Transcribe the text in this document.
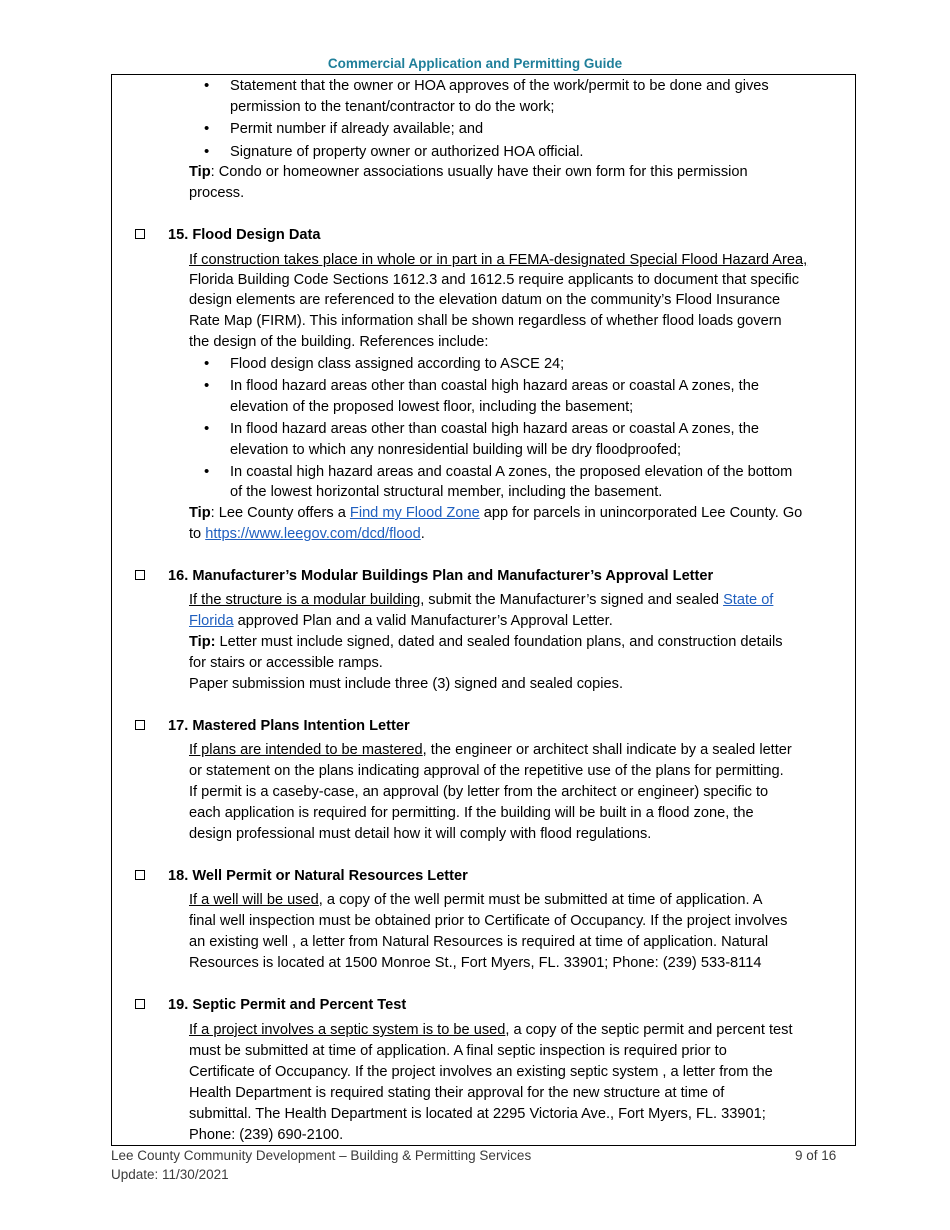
Commercial Application and Permitting Guide
• Statement that the owner or HOA approves of the work/permit to be done and gives
permission to the tenant/contractor to do the work;
• Permit number if already available; and
• Signature of property owner or authorized HOA official.
Tip: Condo or homeowner associations usually have their own form for this permission
process.
15. Flood Design Data
If construction takes place in whole or in part in a FEMA-designated Special Flood Hazard Area,
Florida Building Code Sections 1612.3 and 1612.5 require applicants to document that specific
design elements are referenced to the elevation datum on the community’s Flood Insurance
Rate Map (FIRM). This information shall be shown regardless of whether flood loads govern
the design of the building. References include:
• Flood design class assigned according to ASCE 24;
• In flood hazard areas other than coastal high hazard areas or coastal A zones, the
elevation of the proposed lowest floor, including the basement;
• In flood hazard areas other than coastal high hazard areas or coastal A zones, the
elevation to which any nonresidential building will be dry floodproofed;
• In coastal high hazard areas and coastal A zones, the proposed elevation of the bottom
of the lowest horizontal structural member, including the basement.
Tip: Lee County offers a Find my Flood Zone app for parcels in unincorporated Lee County. Go
to https://www.leegov.com/dcd/flood.
16. Manufacturer’s Modular Buildings Plan and Manufacturer’s Approval Letter
If the structure is a modular building, submit the Manufacturer’s signed and sealed State of
Florida approved Plan and a valid Manufacturer’s Approval Letter.
Tip: Letter must include signed, dated and sealed foundation plans, and construction details
for stairs or accessible ramps.
Paper submission must include three (3) signed and sealed copies.
17. Mastered Plans Intention Letter
If plans are intended to be mastered, the engineer or architect shall indicate by a sealed letter
or statement on the plans indicating approval of the repetitive use of the plans for permitting.
If permit is a caseby-case, an approval (by letter from the architect or engineer) specific to
each application is required for permitting. If the building will be built in a flood zone, the
design professional must detail how it will comply with flood regulations.
18. Well Permit or Natural Resources Letter
If a well will be used, a copy of the well permit must be submitted at time of application. A
final well inspection must be obtained prior to Certificate of Occupancy. If the project involves
an existing well , a letter from Natural Resources is required at time of application. Natural
Resources is located at 1500 Monroe St., Fort Myers, FL. 33901; Phone: (239) 533-8114
19. Septic Permit and Percent Test
If a project involves a septic system is to be used, a copy of the septic permit and percent test
must be submitted at time of application. A final septic inspection is required prior to
Certificate of Occupancy. If the project involves an existing septic system , a letter from the
Health Department is required stating their approval for the new structure at time of
submittal. The Health Department is located at 2295 Victoria Ave., Fort Myers, FL. 33901;
Phone: (239) 690-2100.
Lee County Community Development – Building & Permitting Services
Update: 11/30/2021
9 of 16
